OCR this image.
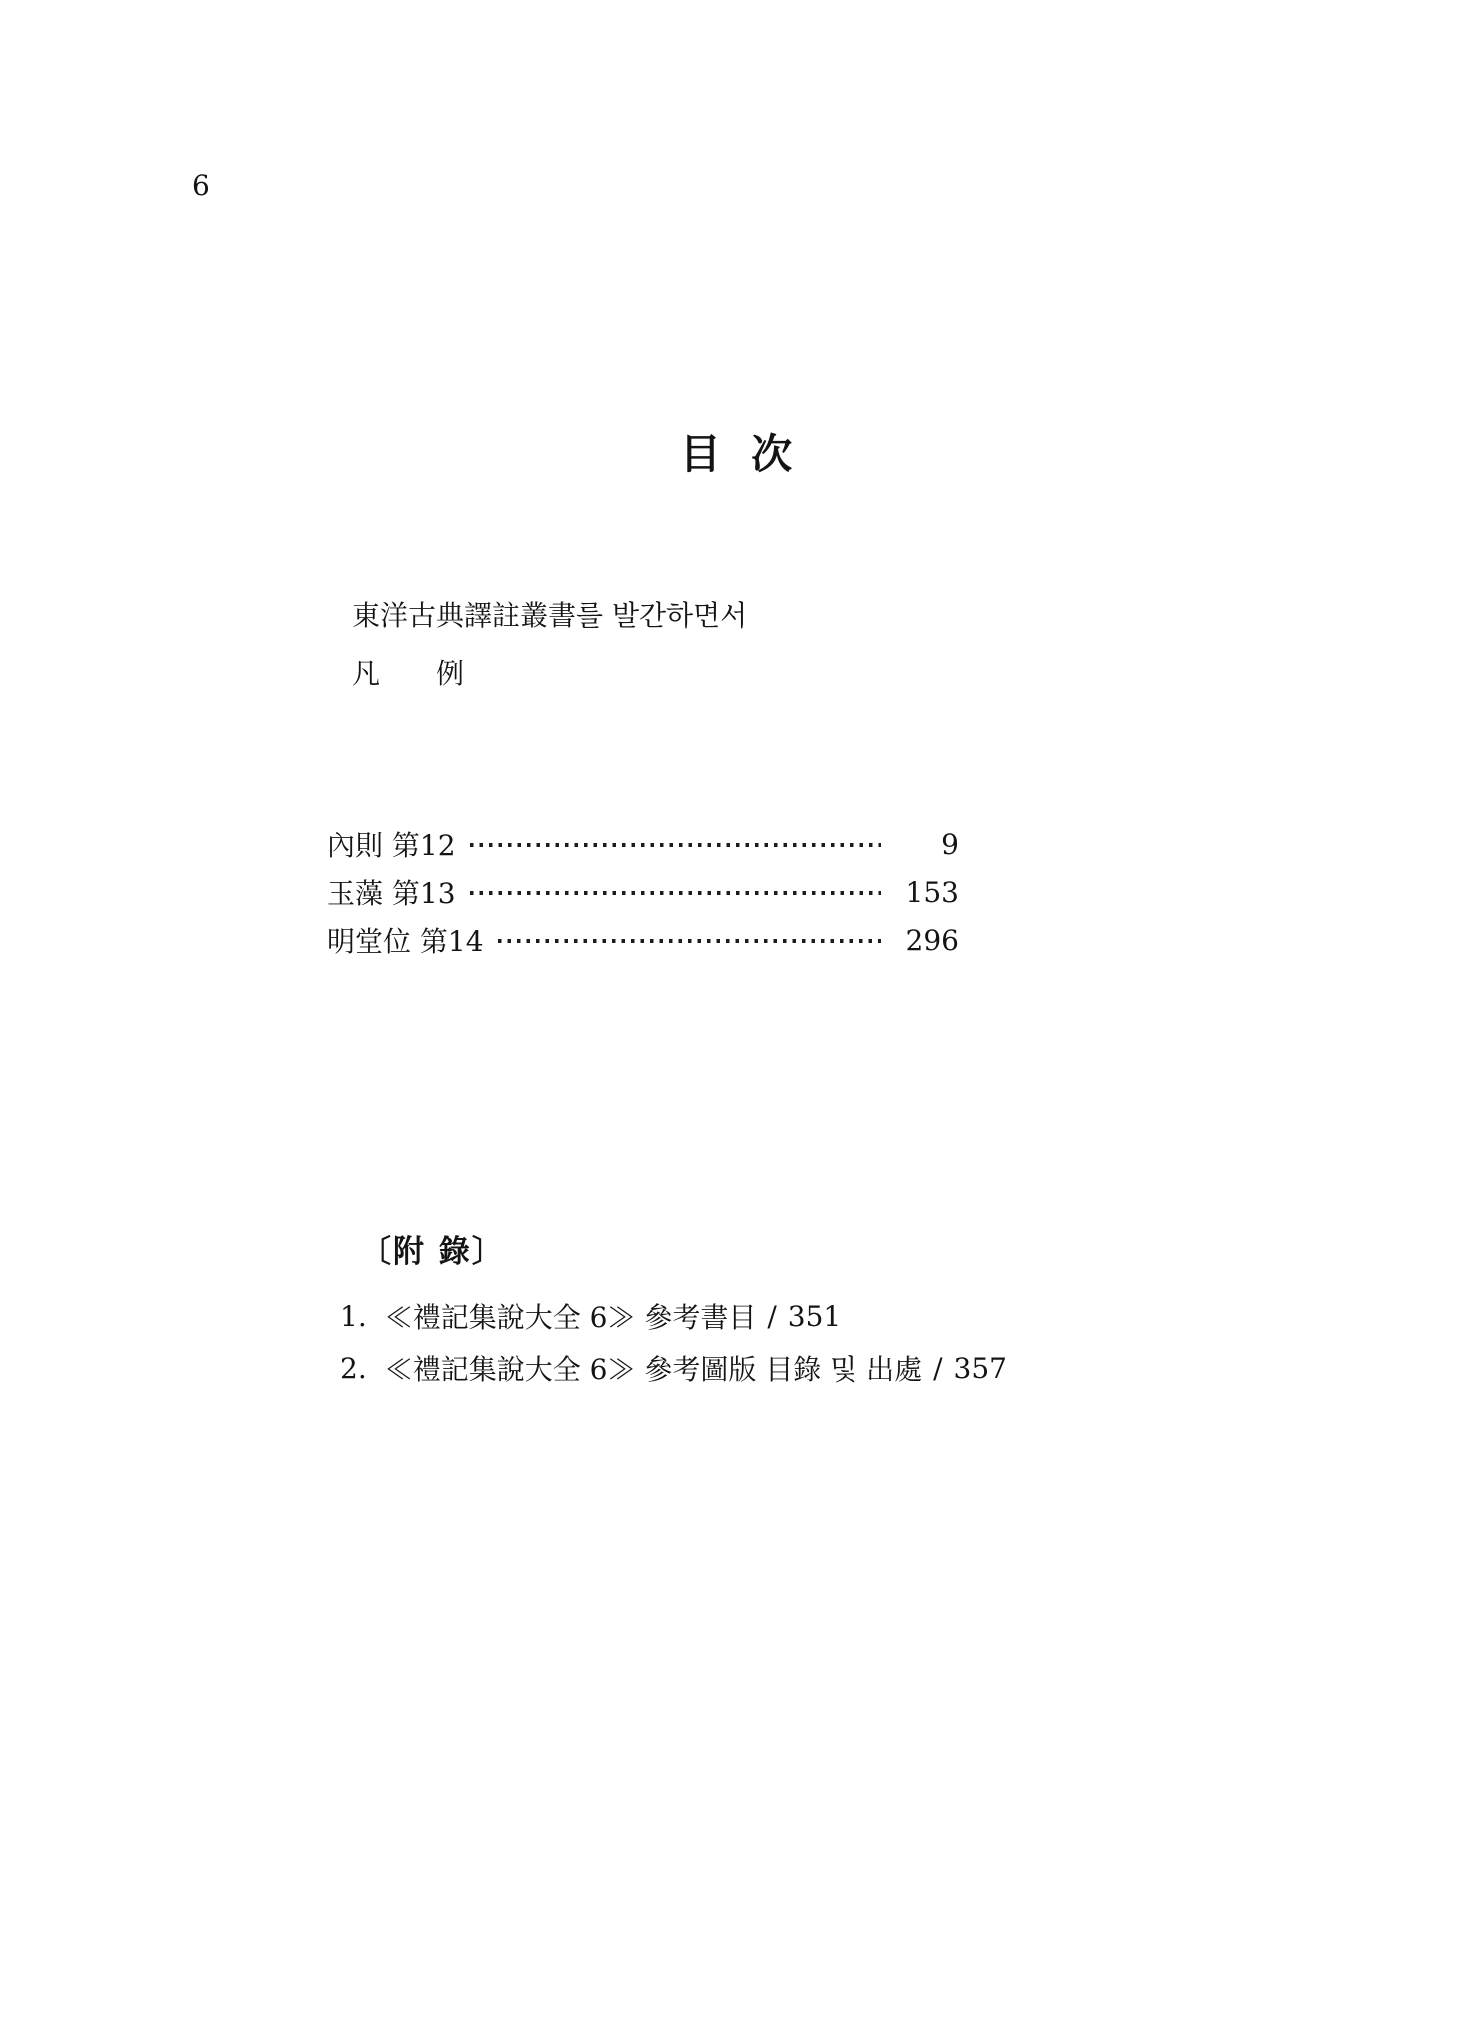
6
目 次
東洋古典譯註叢書를 발간하면서
凡　　例
內則 第12	9
玉藻 第13	153
明堂位 第14	296
〔附 錄〕
1. ≪禮記集說大全 6≫ 參考書目 / 351
2. ≪禮記集說大全 6≫ 參考圖版 目錄 및 出處 / 357
